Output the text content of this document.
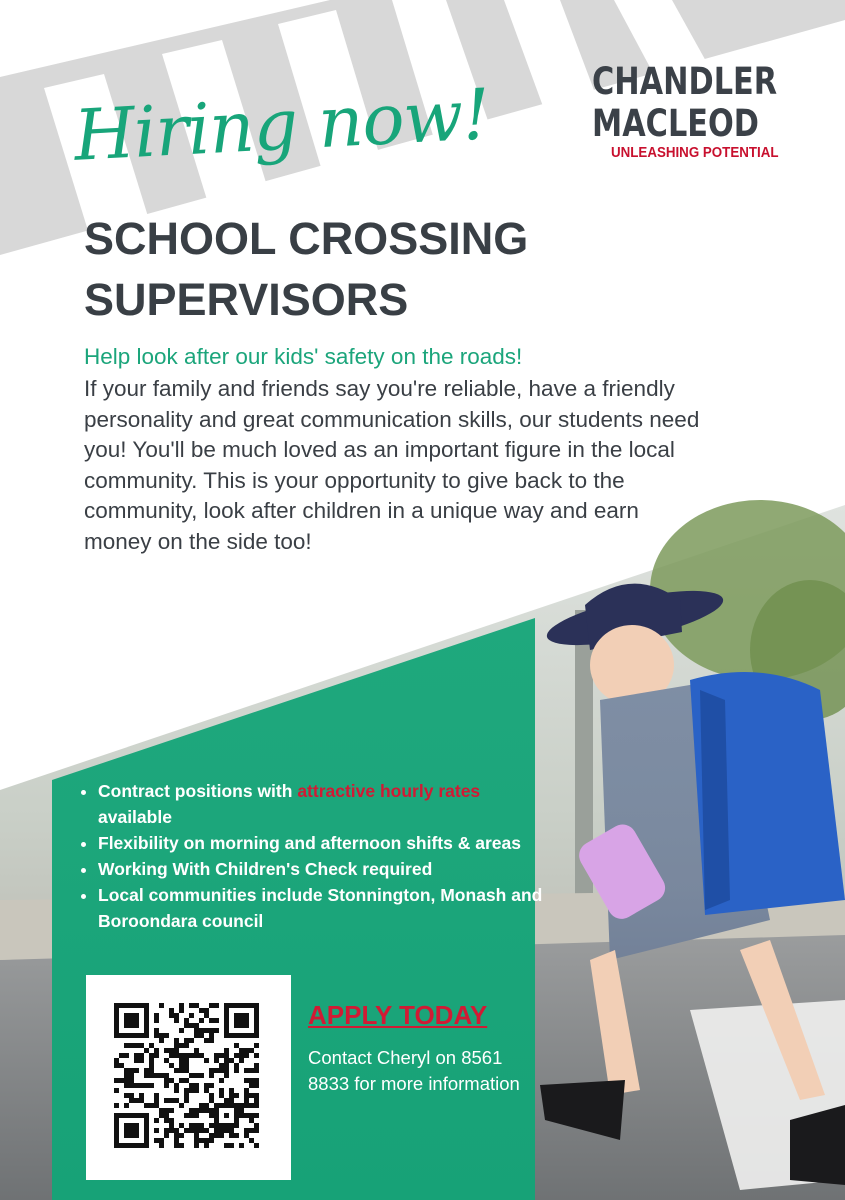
CHANDLER
MACLEOD
UNLEASHING POTENTIAL
Hiring now!
SCHOOL CROSSING
SUPERVISORS
Help look after our kids' safety on the roads!
If your family and friends say you're reliable, have a friendly personality and great communication skills, our students need you! You'll be much loved as an important figure in the local community. This is your opportunity to give back to the community, look after children in a unique way and earn money on the side too!
• Contract positions with attractive hourly rates available
• Flexibility on morning and afternoon shifts & areas
• Working With Children's Check required
• Local communities include Stonnington, Monash and Boroondara council
APPLY TODAY
Contact Cheryl on 8561 8833 for more information
